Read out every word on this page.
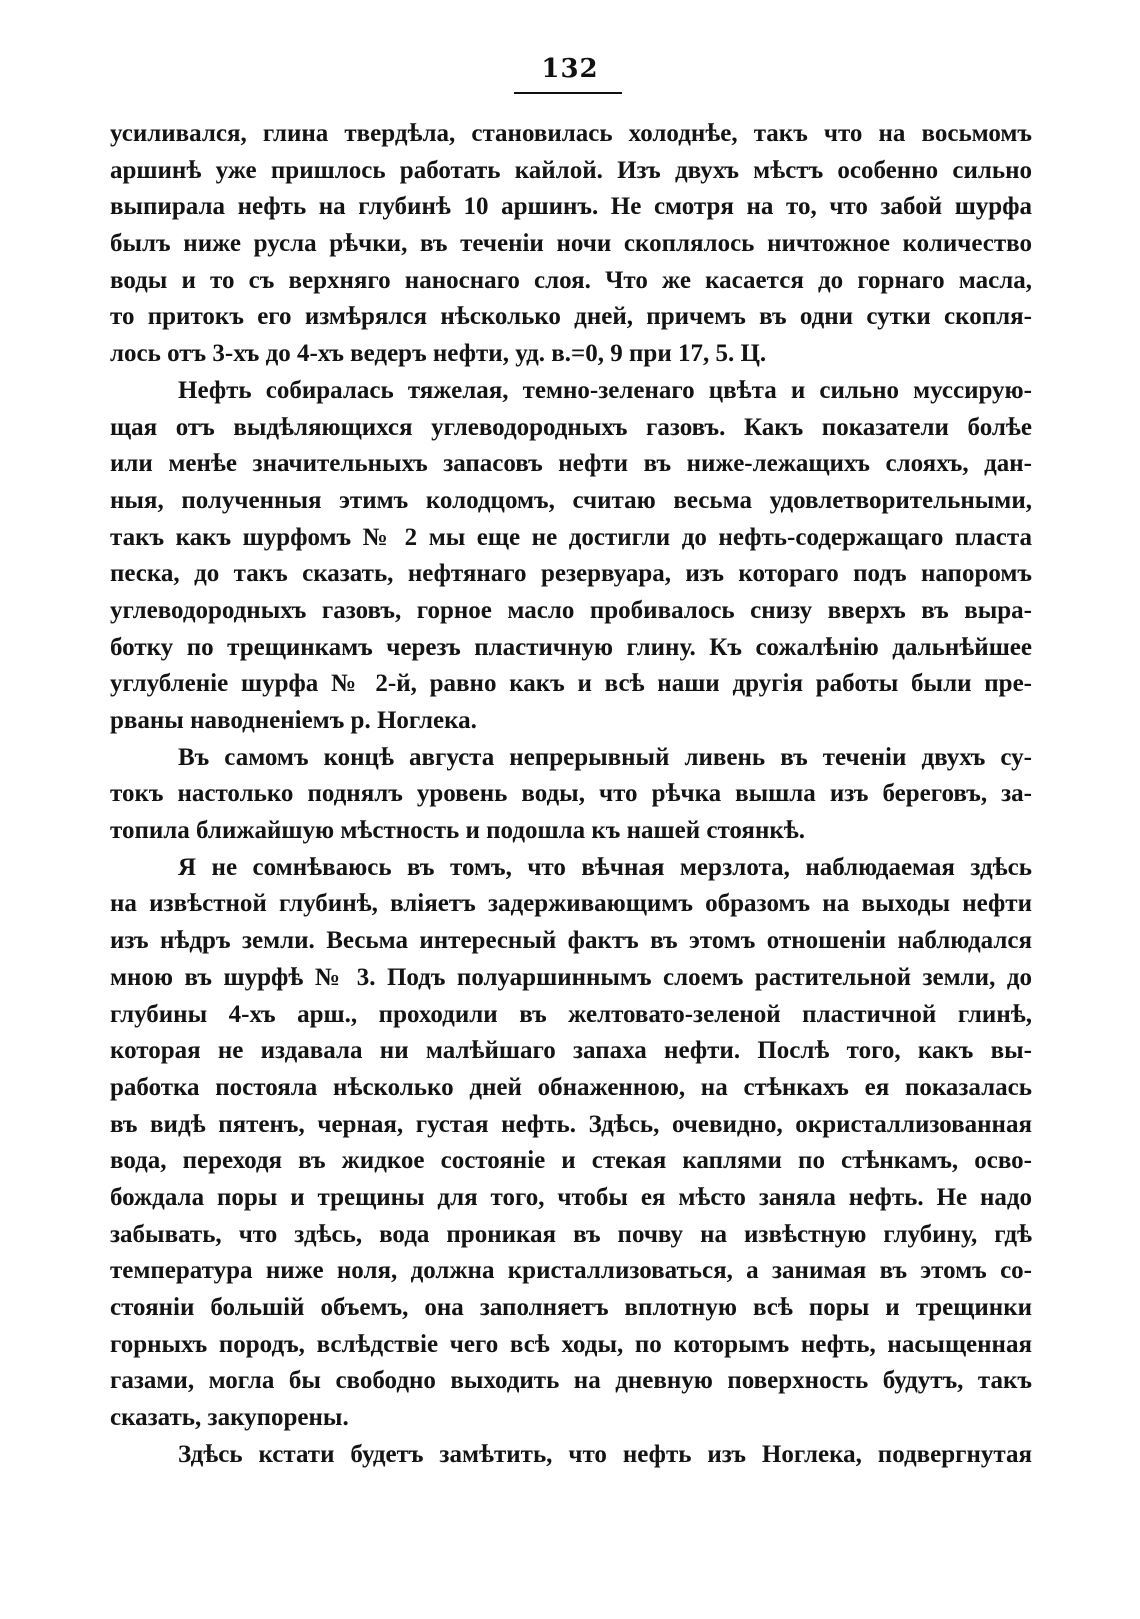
132
усиливался, глина твердѣла, становилась холоднѣе, такъ что на восьмомъ
аршинѣ уже пришлось работать кайлой. Изъ двухъ мѣстъ особенно сильно
выпирала нефть на глубинѣ 10 аршинъ. Не смотря на то, что забой шурфа
былъ ниже русла рѣчки, въ теченіи ночи скоплялось ничтожное количество
воды и то съ верхняго наноснаго слоя. Что же касается до горнаго масла,
то притокъ его измѣрялся нѣсколько дней, причемъ въ одни сутки скопля-
лось отъ 3-хъ до 4-хъ ведеръ нефти, уд. в.=0, 9 при 17, 5. Ц.
Нефть собиралась тяжелая, темно-зеленаго цвѣта и сильно муссирую-
щая отъ выдѣляющихся углеводородныхъ газовъ. Какъ показатели болѣе
или менѣе значительныхъ запасовъ нефти въ ниже-лежащихъ слояхъ, дан-
ныя, полученныя этимъ колодцомъ, считаю весьма удовлетворительными,
такъ какъ шурфомъ № 2 мы еще не достигли до нефть-содержащаго пласта
песка, до такъ сказать, нефтянаго резервуара, изъ котораго подъ напоромъ
углеводородныхъ газовъ, горное масло пробивалось снизу вверхъ въ выра-
ботку по трещинкамъ черезъ пластичную глину. Къ сожалѣнію дальнѣйшее
углубленіе шурфа № 2-й, равно какъ и всѣ наши другія работы были пре-
рваны наводненіемъ р. Ноглека.
Въ самомъ концѣ августа непрерывный ливень въ теченіи двухъ су-
токъ настолько поднялъ уровень воды, что рѣчка вышла изъ береговъ, за-
топила ближайшую мѣстность и подошла къ нашей стоянкѣ.
Я не сомнѣваюсь въ томъ, что вѣчная мерзлота, наблюдаемая здѣсь
на извѣстной глубинѣ, вліяетъ задерживающимъ образомъ на выходы нефти
изъ нѣдръ земли. Весьма интересный фактъ въ этомъ отношеніи наблюдался
мною въ шурфѣ № 3. Подъ полуаршиннымъ слоемъ растительной земли, до
глубины 4-хъ арш., проходили въ желтовато-зеленой пластичной глинѣ,
которая не издавала ни малѣйшаго запаха нефти. Послѣ того, какъ вы-
работка постояла нѣсколько дней обнаженною, на стѣнкахъ ея показалась
въ видѣ пятенъ, черная, густая нефть. Здѣсь, очевидно, окристаллизованная
вода, переходя въ жидкое состояніе и стекая каплями по стѣнкамъ, осво-
бождала поры и трещины для того, чтобы ея мѣсто заняла нефть. Не надо
забывать, что здѣсь, вода проникая въ почву на извѣстную глубину, гдѣ
температура ниже ноля, должна кристаллизоваться, а занимая въ этомъ со-
стояніи большій объемъ, она заполняетъ вплотную всѣ поры и трещинки
горныхъ породъ, вслѣдствіе чего всѣ ходы, по которымъ нефть, насыщенная
газами, могла бы свободно выходить на дневную поверхность будутъ, такъ
сказать, закупорены.
Здѣсь кстати будетъ замѣтить, что нефть изъ Ноглека, подвергнутая
